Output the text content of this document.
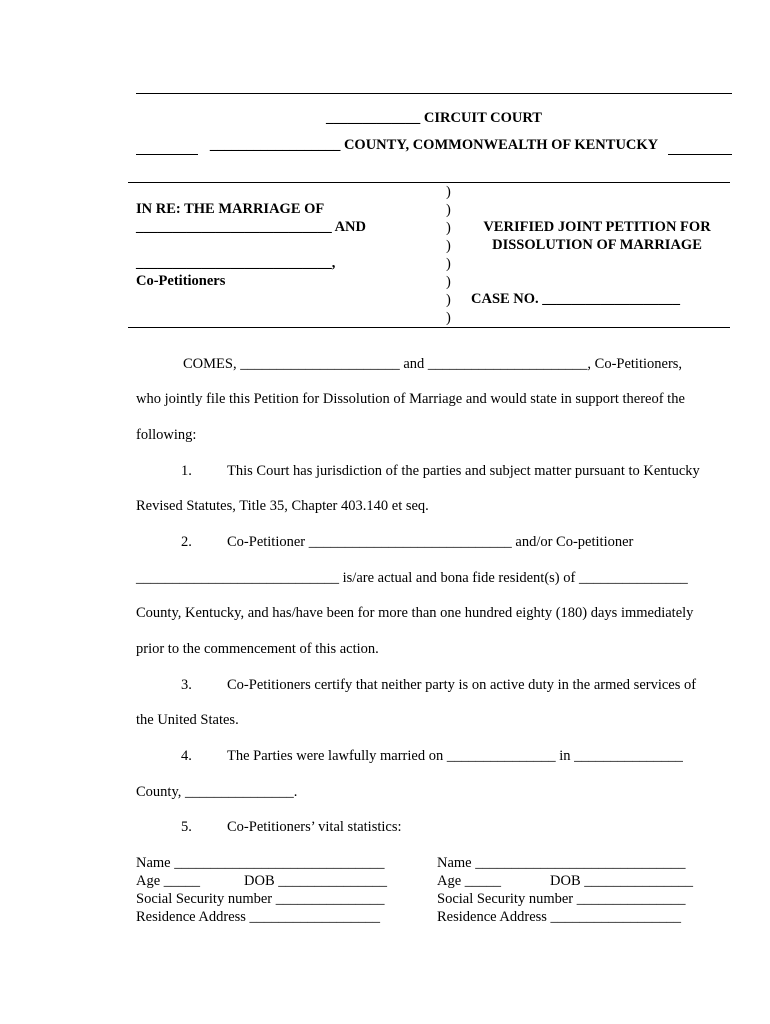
_____________ CIRCUIT COURT
__________________ COUNTY, COMMONWEALTH OF KENTUCKY
IN RE: THE MARRIAGE OF
___________________________ AND
___________________________,
Co-Petitioners
)
)
)
)
)
)
)
)
VERIFIED JOINT PETITION FOR
DISSOLUTION OF MARRIAGE
CASE NO. ___________________
COMES, ______________________ and ______________________, Co-Petitioners,
who jointly file this Petition for Dissolution of Marriage and would state in support thereof the
following:
1. This Court has jurisdiction of the parties and subject matter pursuant to Kentucky
Revised Statutes, Title 35, Chapter 403.140 et seq.
2. Co-Petitioner ____________________________ and/or Co-petitioner
____________________________ is/are actual and bona fide resident(s) of _______________
County, Kentucky, and has/have been for more than one hundred eighty (180) days immediately
prior to the commencement of this action.
3. Co-Petitioners certify that neither party is on active duty in the armed services of
the United States.
4. The Parties were lawfully married on _______________ in _______________
County, _______________.
5. Co-Petitioners’ vital statistics:
Name _____________________________
Age _____	DOB _______________
Social Security number _______________
Residence Address __________________
Name _____________________________
Age _____	DOB _______________
Social Security number _______________
Residence Address __________________
